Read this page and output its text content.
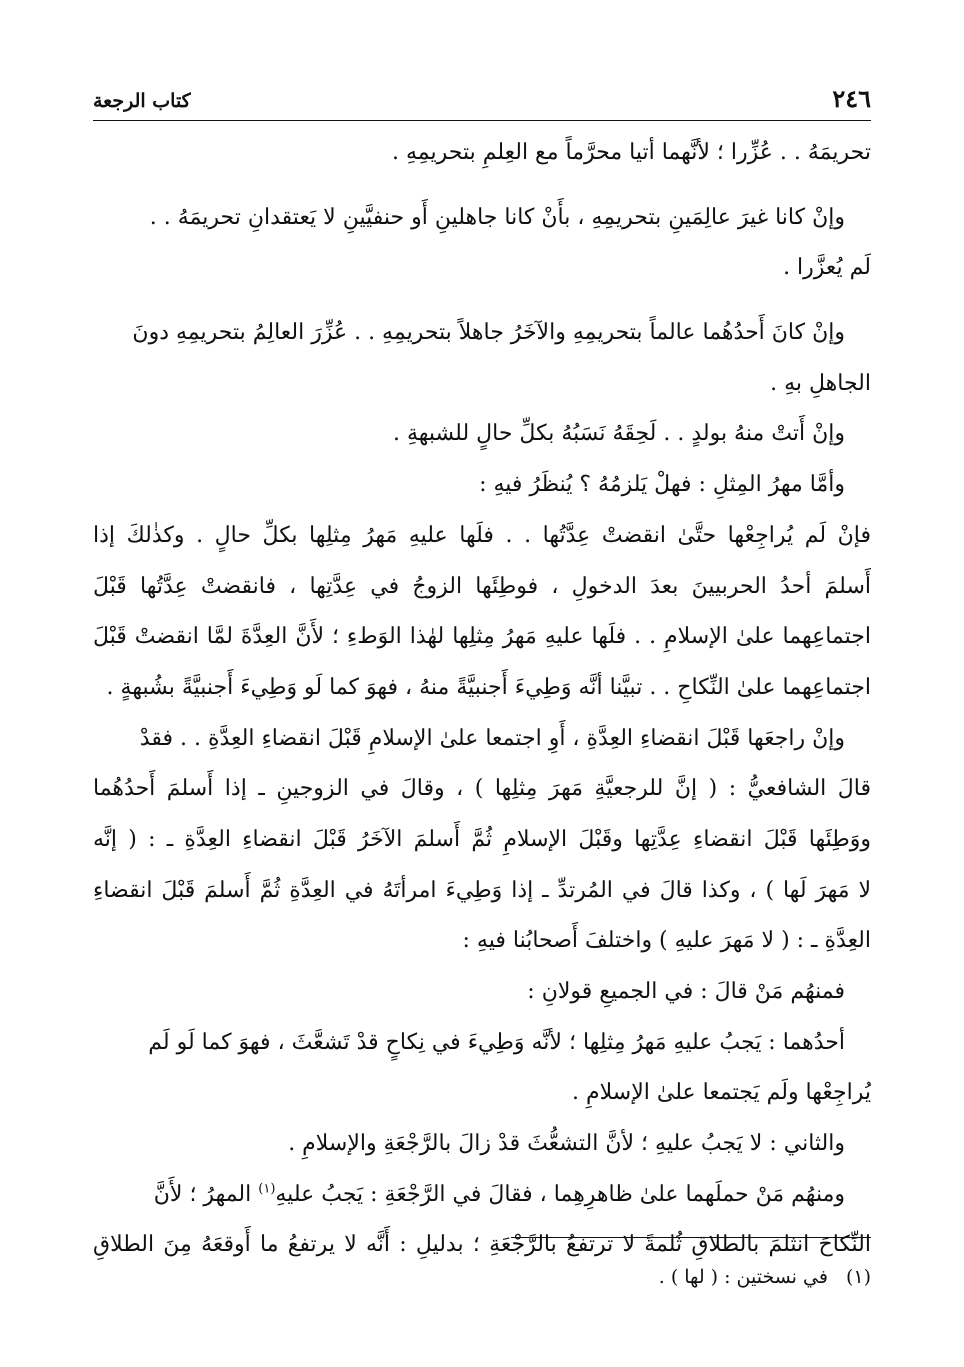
٢٤٦
كتاب الرجعة
تحريمَهُ . . عُزِّرا ؛ لأنَّهما أتيا محرَّماً مع العِلمِ بتحريمِهِ .
وإنْ كانا غيرَ عالِمَينِ بتحريمِهِ ، بأَنْ كانا جاهلينِ أَو حنفيَّينِ لا يَعتقدانِ تحريمَهُ . .
لَم يُعزَّرا .
وإنْ كانَ أَحدُهُما عالماً بتحريمِهِ والآخَرُ جاهلاً بتحريمِهِ . . عُزِّرَ العالِمُ بتحريمِهِ دونَ
الجاهلِ بهِ .
وإنْ أَتتْ منهُ بولدٍ . . لَحِقَهُ نَسَبُهُ بكلِّ حالٍ للشبهةِ .
وأمَّا مهرُ المِثلِ : فهلْ يَلزمُهُ ؟ يُنظَرُ فيهِ :
فإنْ لَم يُراجِعْها حتَّىٰ انقضتْ عِدَّتُها . . فلَها عليهِ مَهرُ مِثلِها بكلِّ حالٍ . وكذٰلكَ إذا
أَسلمَ أحدُ الحربيينَ بعدَ الدخولِ ، فوطِئَها الزوجُ في عِدَّتِها ، فانقضتْ عِدَّتُها قَبْلَ
اجتماعِهما علىٰ الإسلامِ . . فلَها عليهِ مَهرُ مِثلِها لهٰذا الوَطءِ ؛ لأَنَّ العِدَّةَ لمَّا انقضتْ قَبْلَ
اجتماعِهما علىٰ النِّكاحِ . . تبيَّنا أنَّه وَطِيءَ أَجنبيَّةً منهُ ، فهوَ كما لَو وَطِيءَ أَجنبيَّةً بشُبهةٍ .
وإنْ راجعَها قَبْلَ انقضاءِ العِدَّةِ ، أَوِ اجتمعا علىٰ الإسلامِ قَبْلَ انقضاءِ العِدَّةِ . . فقدْ
قالَ الشافعيُّ : ( إنَّ للرجعيَّةِ مَهرَ مِثلِها ) ، وقالَ في الزوجينِ ـ إذا أَسلمَ أَحدُهُما
ووَطِئَها قَبْلَ انقضاءِ عِدَّتِها وقَبْلَ الإسلامِ ثُمَّ أَسلمَ الآخَرُ قَبْلَ انقضاءِ العِدَّةِ ـ : ( إنَّه
لا مَهرَ لَها ) ، وكذا قالَ في المُرتدِّ ـ إذا وَطِيءَ امرأتَهُ في العِدَّةِ ثُمَّ أَسلمَ قَبْلَ انقضاءِ
العِدَّةِ ـ : ( لا مَهرَ عليهِ ) واختلفَ أَصحابُنا فيهِ :
فمنهُم مَنْ قالَ : في الجميعِ قولانِ :
أحدُهما : يَجبُ عليهِ مَهرُ مِثلِها ؛ لأنَّه وَطِيءَ في نِكاحٍ قدْ تَشعَّثَ ، فهوَ كما لَو لَم
يُراجِعْها ولَم يَجتمعا علىٰ الإسلامِ .
والثاني : لا يَجبُ عليهِ ؛ لأنَّ التشعُّثَ قدْ زالَ بالرَّجْعَةِ والإسلامِ .
ومنهُم مَنْ حملَهما علىٰ ظاهرِهِما ، فقالَ في الرَّجْعَةِ : يَجبُ عليهِ$^{(١)}$ المهرُ ؛ لأَنَّ
النِّكاحَ انثلمَ بالطلاقِ ثُلمةً لا ترتفعُ بالرَّجْعَةِ ؛ بدليلِ : أَنَّه لا يرتفعُ ما أَوقعَهُ مِنَ الطلاقِ
(١)في نسختين : ( لها ) .
